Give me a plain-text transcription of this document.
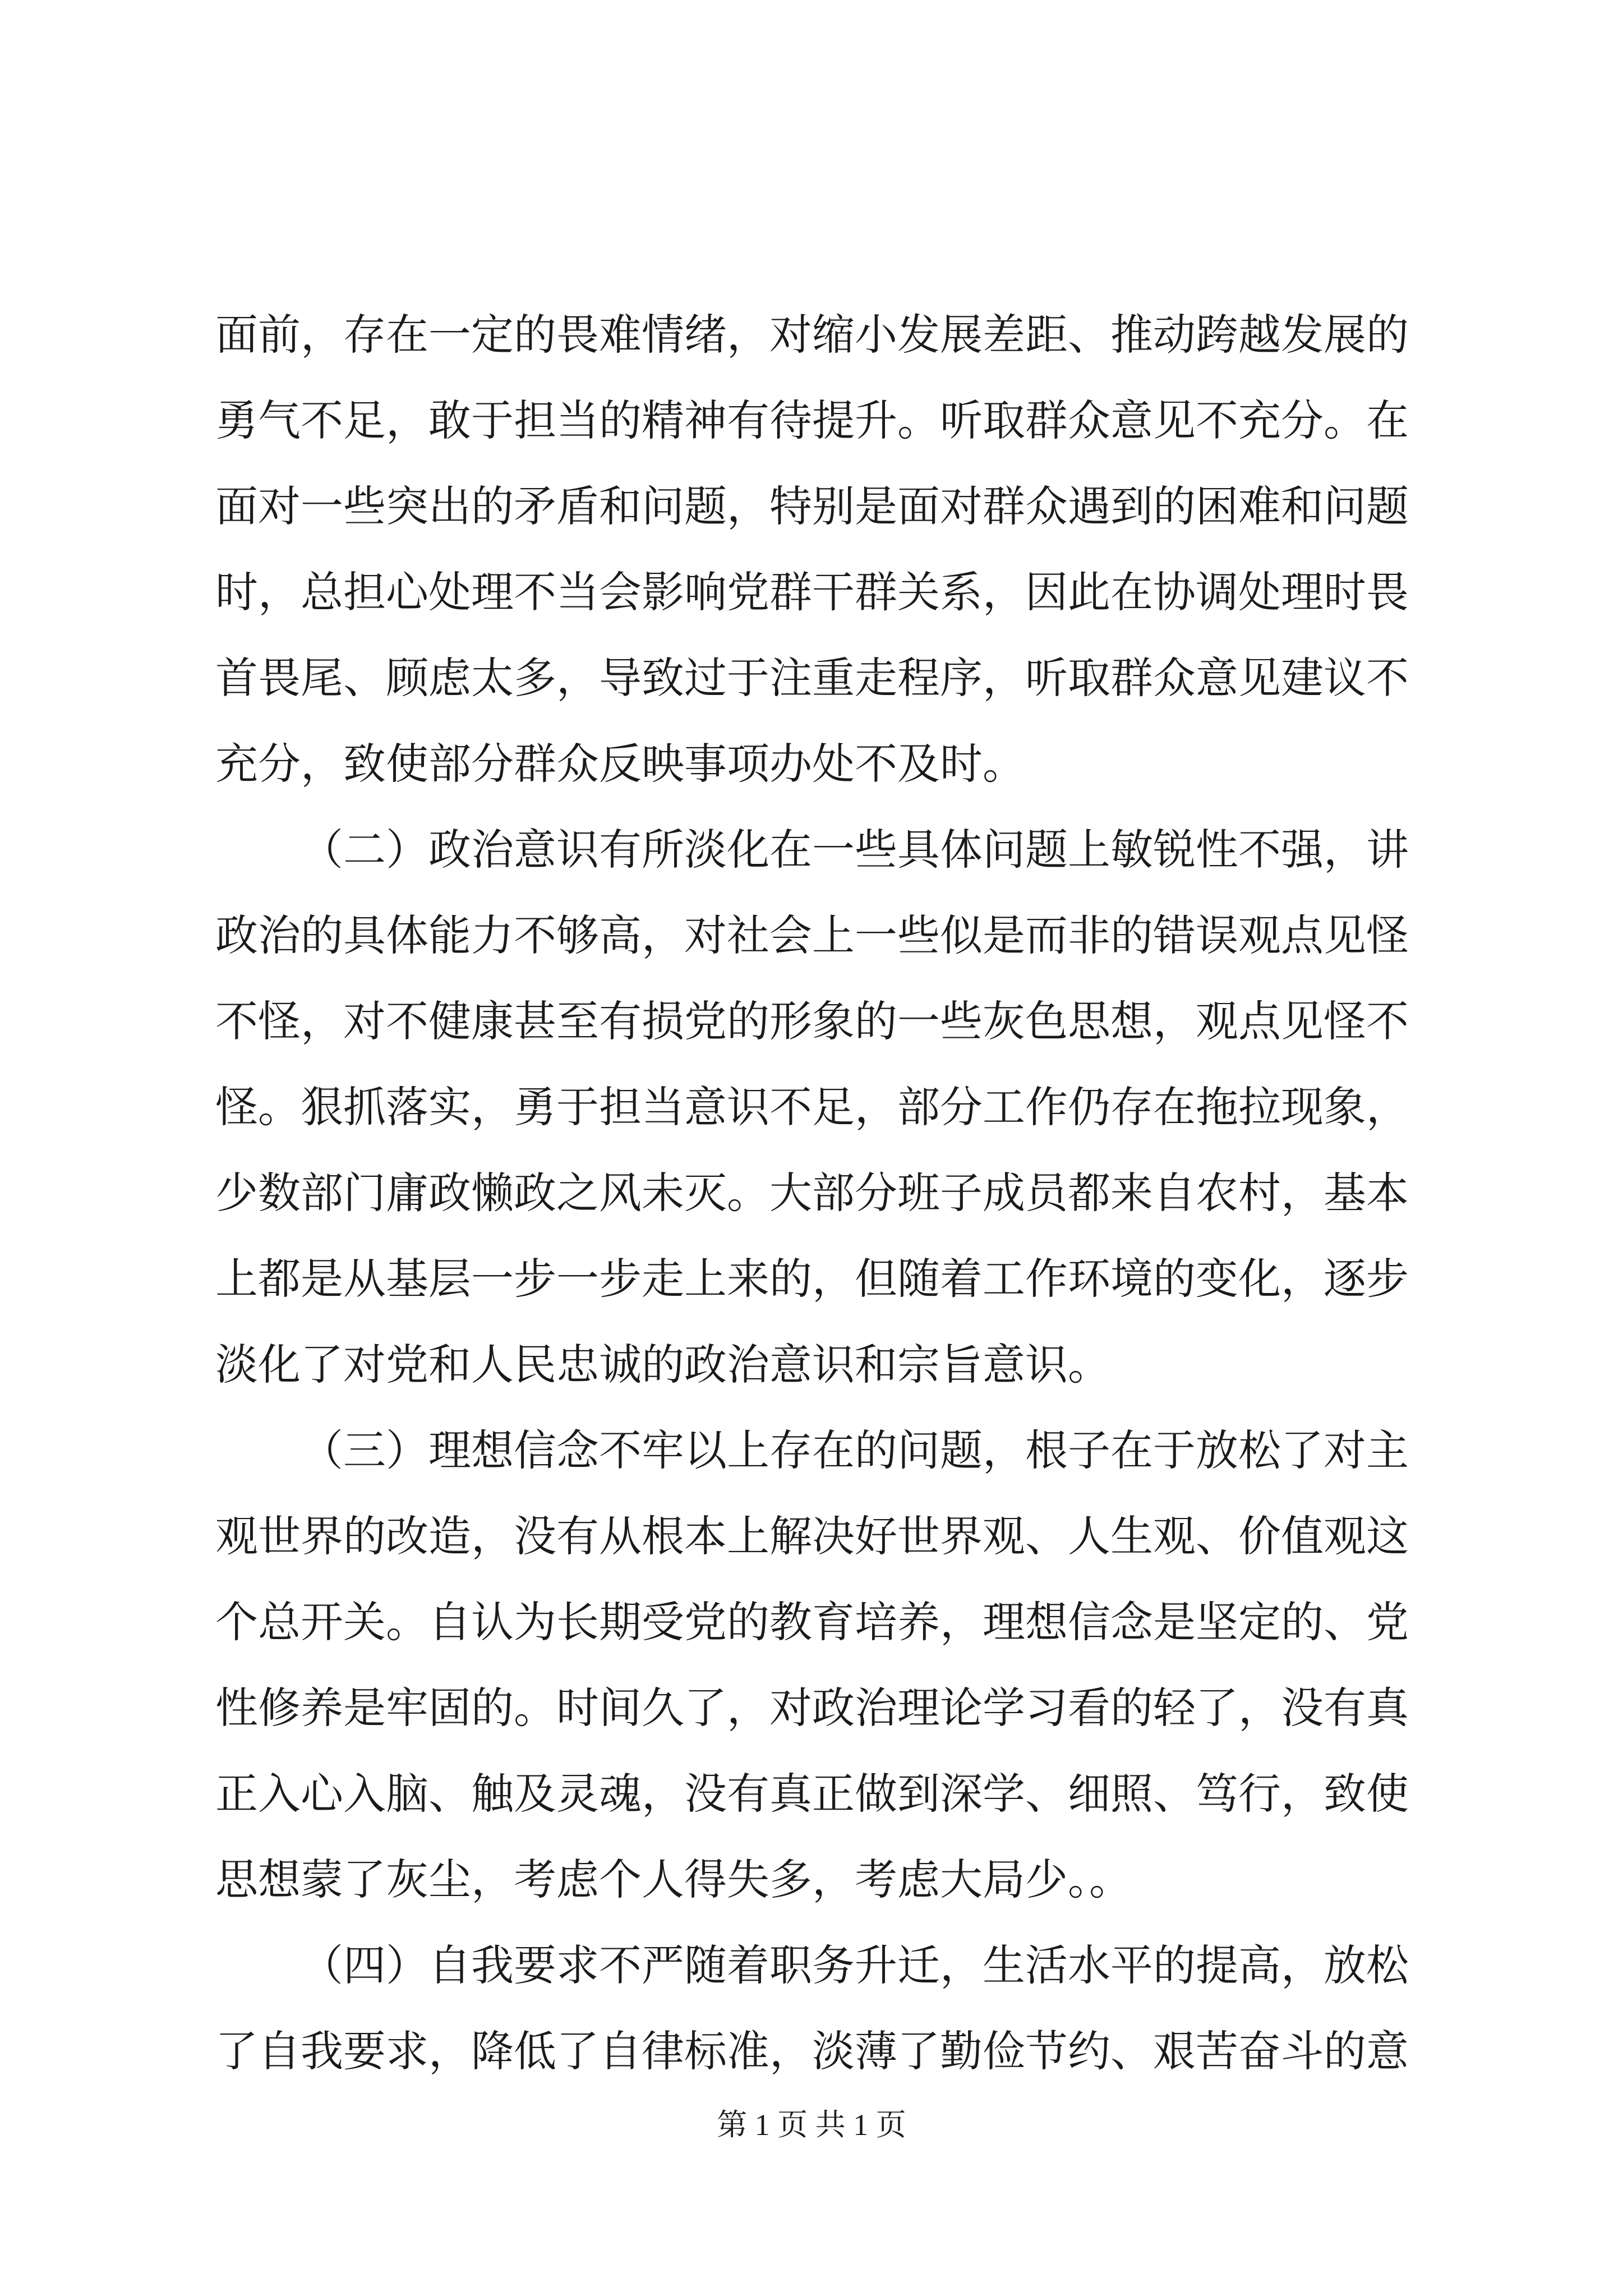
面前，存在一定的畏难情绪，对缩小发展差距、推动跨越发展的勇气不足，敢于担当的精神有待提升。听取群众意见不充分。在面对一些突出的矛盾和问题，特别是面对群众遇到的困难和问题时，总担心处理不当会影响党群干群关系，因此在协调处理时畏首畏尾、顾虑太多，导致过于注重走程序，听取群众意见建议不充分，致使部分群众反映事项办处不及时。

（二）政治意识有所淡化在一些具体问题上敏锐性不强，讲政治的具体能力不够高，对社会上一些似是而非的错误观点见怪不怪，对不健康甚至有损党的形象的一些灰色思想，观点见怪不怪。狠抓落实，勇于担当意识不足，部分工作仍存在拖拉现象，少数部门庸政懒政之风未灭。大部分班子成员都来自农村，基本上都是从基层一步一步走上来的，但随着工作环境的变化，逐步淡化了对党和人民忠诚的政治意识和宗旨意识。

（三）理想信念不牢以上存在的问题，根子在于放松了对主观世界的改造，没有从根本上解决好世界观、人生观、价值观这个总开关。自认为长期受党的教育培养，理想信念是坚定的、党性修养是牢固的。时间久了，对政治理论学习看的轻了，没有真正入心入脑、触及灵魂，没有真正做到深学、细照、笃行，致使思想蒙了灰尘，考虑个人得失多，考虑大局少。。

（四）自我要求不严随着职务升迁，生活水平的提高，放松了自我要求，降低了自律标准，淡薄了勤俭节约、艰苦奋斗的意

第 1 页 共 1 页
